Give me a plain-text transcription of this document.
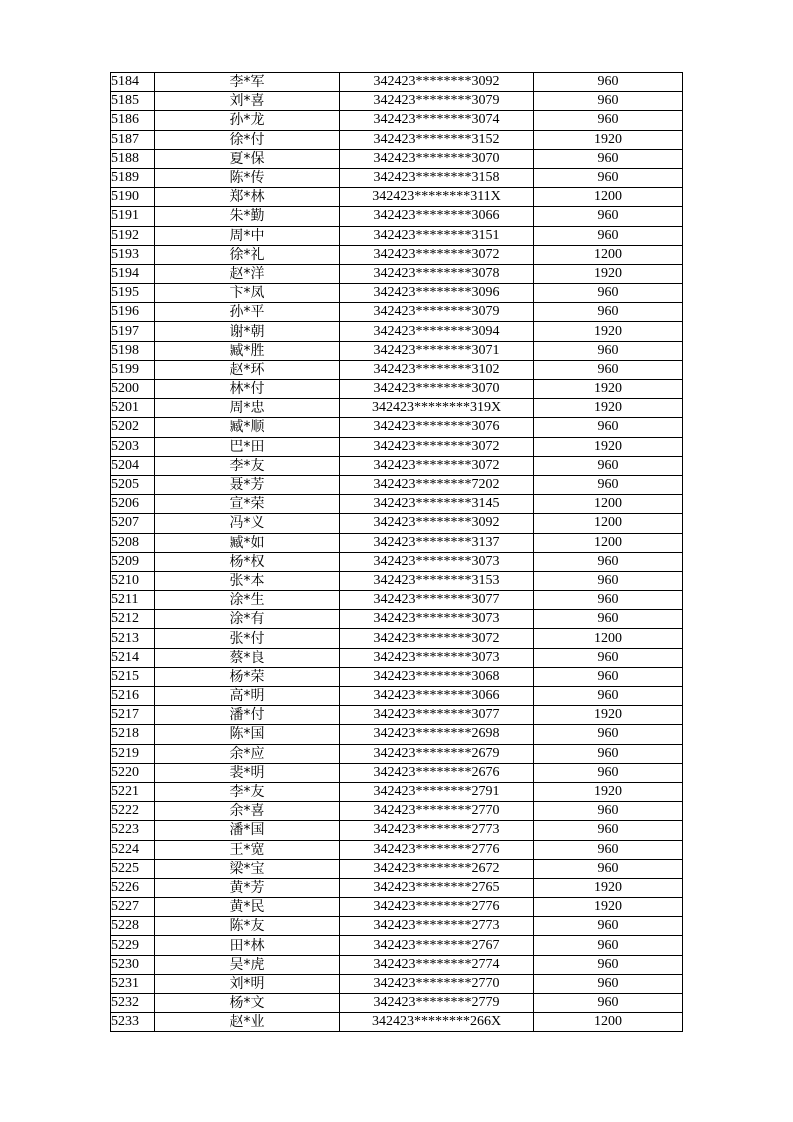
5184	李*军	342423********3092	960
5185	刘*喜	342423********3079	960
5186	孙*龙	342423********3074	960
5187	徐*付	342423********3152	1920
5188	夏*保	342423********3070	960
5189	陈*传	342423********3158	960
5190	郑*林	342423********311X	1200
5191	朱*勤	342423********3066	960
5192	周*中	342423********3151	960
5193	徐*礼	342423********3072	1200
5194	赵*洋	342423********3078	1920
5195	卞*凤	342423********3096	960
5196	孙*平	342423********3079	960
5197	谢*朝	342423********3094	1920
5198	臧*胜	342423********3071	960
5199	赵*环	342423********3102	960
5200	林*付	342423********3070	1920
5201	周*忠	342423********319X	1920
5202	臧*顺	342423********3076	960
5203	巴*田	342423********3072	1920
5204	李*友	342423********3072	960
5205	聂*芳	342423********7202	960
5206	宣*荣	342423********3145	1200
5207	冯*义	342423********3092	1200
5208	臧*如	342423********3137	1200
5209	杨*权	342423********3073	960
5210	张*本	342423********3153	960
5211	涂*生	342423********3077	960
5212	涂*有	342423********3073	960
5213	张*付	342423********3072	1200
5214	蔡*良	342423********3073	960
5215	杨*荣	342423********3068	960
5216	高*明	342423********3066	960
5217	潘*付	342423********3077	1920
5218	陈*国	342423********2698	960
5219	余*应	342423********2679	960
5220	裴*明	342423********2676	960
5221	李*友	342423********2791	1920
5222	余*喜	342423********2770	960
5223	潘*国	342423********2773	960
5224	王*宽	342423********2776	960
5225	梁*宝	342423********2672	960
5226	黄*芳	342423********2765	1920
5227	黄*民	342423********2776	1920
5228	陈*友	342423********2773	960
5229	田*林	342423********2767	960
5230	吴*虎	342423********2774	960
5231	刘*明	342423********2770	960
5232	杨*文	342423********2779	960
5233	赵*业	342423********266X	1200
